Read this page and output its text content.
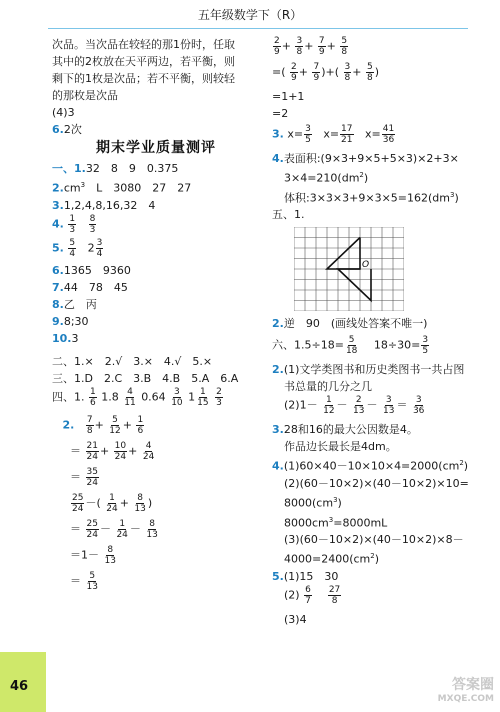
五年级数学下（R）
次品。当次品在较轻的那1份时，任取
其中的2枚放在天平两边，若平衡，则
剩下的1枚是次品；若不平衡，则较轻
的那枚是次品
(4)3
6.2次
期末学业质量测评
一、1.32　8　9　0.375
$2.cm^3$　L　3080　27　27
3.1,2,4,8,16,32　4
4. $\frac{1}{3}$
$\frac{8}{3}$
5. $\frac{5}{4} 2 \frac{3}{4}$
6.1365　9360
7.44　78　45
8.乙　丙
9.8;30
10.3
二、1.×　2.√　3.×　4.√　5.×
三、1.D　2.C　3.B　4.B　5.A　6.A
四、1. $\frac{1}{6} 1.8 \frac{4}{11} 0.64 \frac{3}{10} 1 \frac{1}{15}$
$\frac{2}{3}$
2. $\frac{7}{8} + \frac{5}{12} + \frac{1}{6}$
＝ $\frac{21}{24} + \frac{10}{24} + \frac{4}{24}$
＝ $\frac{35}{24}$
$\frac{25}{24}$ －( $\frac{1}{24} + \frac{8}{13}$ )
＝ $\frac{25}{24} - \frac{1}{24} - \frac{8}{13}$
$=1- \frac{8}{13}$
＝ $\frac{5}{13}$
$\frac{2}{9} + \frac{3}{8} + \frac{7}{9} + \frac{5}{8}$
=( $\frac{2}{9} + \frac{7}{9}$ )+( $\frac{3}{8} + \frac{5}{8}$ )
=1+1
=2
3. $x= \frac{3}{5} x= \frac{17}{21} x= \frac{41}{36}$
4.表面积:(9×3+9×5+5×3)×2+3×
$3\times 4=210(dm^2)$
体积$:3\times 3\times 3+9\times 3\times 5=162(dm^3)$
五、1.
O
2.逆　90　(画线处答案不唯一)
六、$1.5\div 18= \frac{5}{18}$ 　$18\div 30= \frac{3}{5}$
2.(1)文学类图书和历史类图书一共占图
书总量的几分之几
$(2)1- \frac{1}{12} - \frac{2}{13} - \frac{3}{13} = \frac{3}{36}$
3.28和16的最大公因数是4。
作品边长最长是4dm。
$4.(1)60\times 40-10\times 10\times 4=2000(cm^2)$
(2)(60－10×2)×(40－10×2)×10=
$8000(cm^3)$
$8000cm^3=8000mL$
(3)(60－10×2)×(40－10×2)×8－
$4000=2400(cm^2)$
5.(1)15　30
$(2) \frac{6}{7}$
$\frac{27}{8}$
(3)4
46	答案圈
MXQE.COM
